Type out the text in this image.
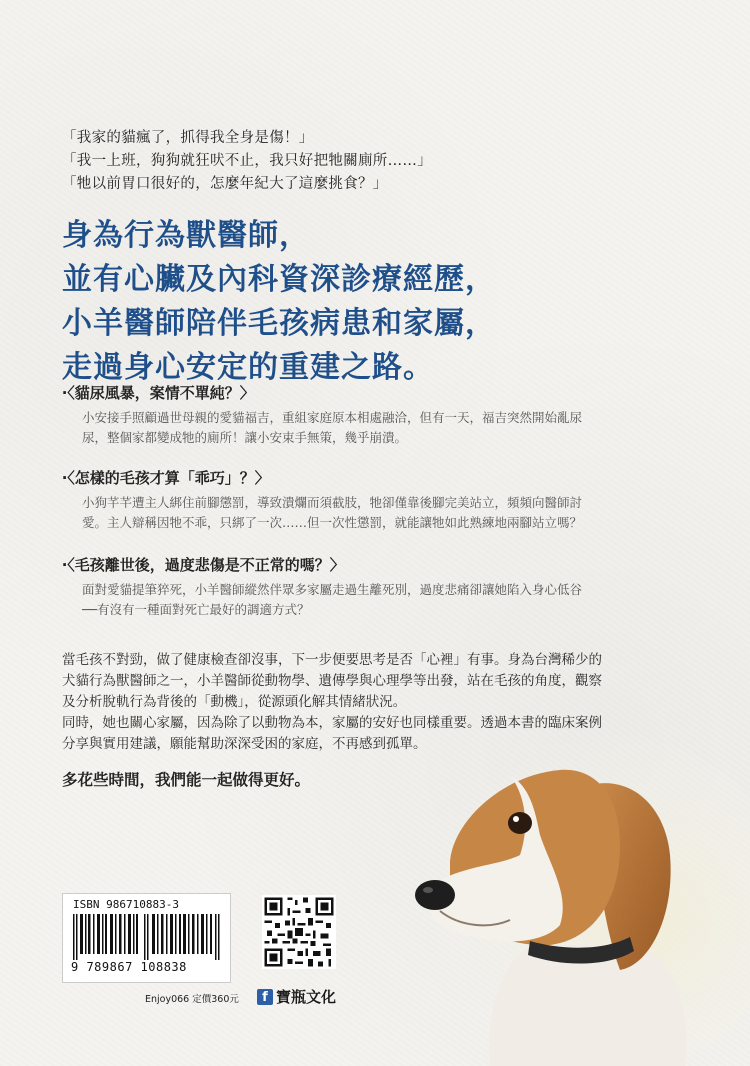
「我家的貓瘋了，抓得我全身是傷！」
「我一上班，狗狗就狂吠不止，我只好把牠關廁所……」
「牠以前胃口很好的，怎麼年紀大了這麼挑食？」
身為行為獸醫師，
並有心臟及內科資深診療經歷，
小羊醫師陪伴毛孩病患和家屬，
走過身心安定的重建之路。
‧〈貓尿風暴，案情不單純？〉
小安接手照顧過世母親的愛貓福吉，重組家庭原本相處融洽，但有一天，福吉突然開始亂尿
尿，整個家都變成牠的廁所！讓小安束手無策，幾乎崩潰。
‧〈怎樣的毛孩才算「乖巧」？〉
小狗芊芊遭主人綁住前腳懲罰，導致潰爛而須截肢，牠卻僅靠後腳完美站立，頻頻向醫師討
愛。主人辯稱因牠不乖，只綁了一次……但一次性懲罰，就能讓牠如此熟練地兩腳站立嗎？
‧〈毛孩離世後，過度悲傷是不正常的嗎？〉
面對愛貓提筆猝死，小羊醫師縱然伴眾多家屬走過生離死別，過度悲痛卻讓她陷入身心低谷
──有沒有一種面對死亡最好的調適方式？
當毛孩不對勁，做了健康檢查卻沒事，下一步便要思考是否「心裡」有事。身為台灣稀少的
犬貓行為獸醫師之一，小羊醫師從動物學、遺傳學與心理學等出發，站在毛孩的角度，觀察
及分析脫軌行為背後的「動機」，從源頭化解其情緒狀況。
同時，她也關心家屬，因為除了以動物為本，家屬的安好也同樣重要。透過本書的臨床案例
分享與實用建議，願能幫助深深受困的家庭，不再感到孤單。
多花些時間，我們能一起做得更好。
ISBN 986710883-3
9 789867 108838
Enjoy066 定價360元	f 寶瓶文化
